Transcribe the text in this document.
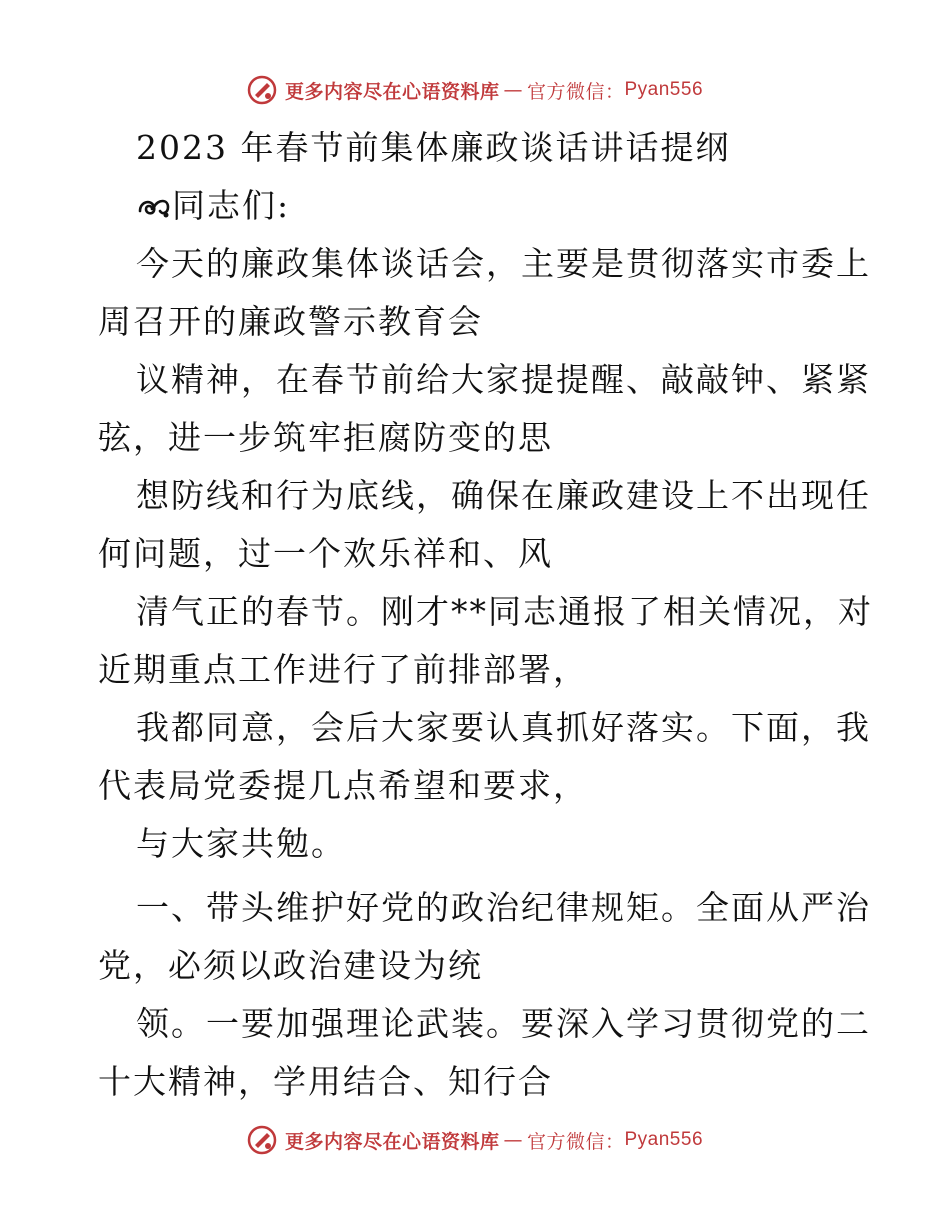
更多内容尽在心语资料库 — 官方微信： Pyan556
2023 年春节前集体廉政谈话讲话提纲
同志们:
今天的廉政集体谈话会，主要是贯彻落实市委上
周召开的廉政警示教育会
议精神，在春节前给大家提提醒、敲敲钟、紧紧
弦，进一步筑牢拒腐防变的思
想防线和行为底线，确保在廉政建设上不出现任
何问题，过一个欢乐祥和、风
清气正的春节。刚才**同志通报了相关情况，对
近期重点工作进行了前排部署，
我都同意，会后大家要认真抓好落实。下面，我
代表局党委提几点希望和要求，
与大家共勉。
一、带头维护好党的政治纪律规矩。全面从严治
党，必须以政治建设为统
领。一要加强理论武装。要深入学习贯彻党的二
十大精神，学用结合、知行合
更多内容尽在心语资料库 — 官方微信： Pyan556
